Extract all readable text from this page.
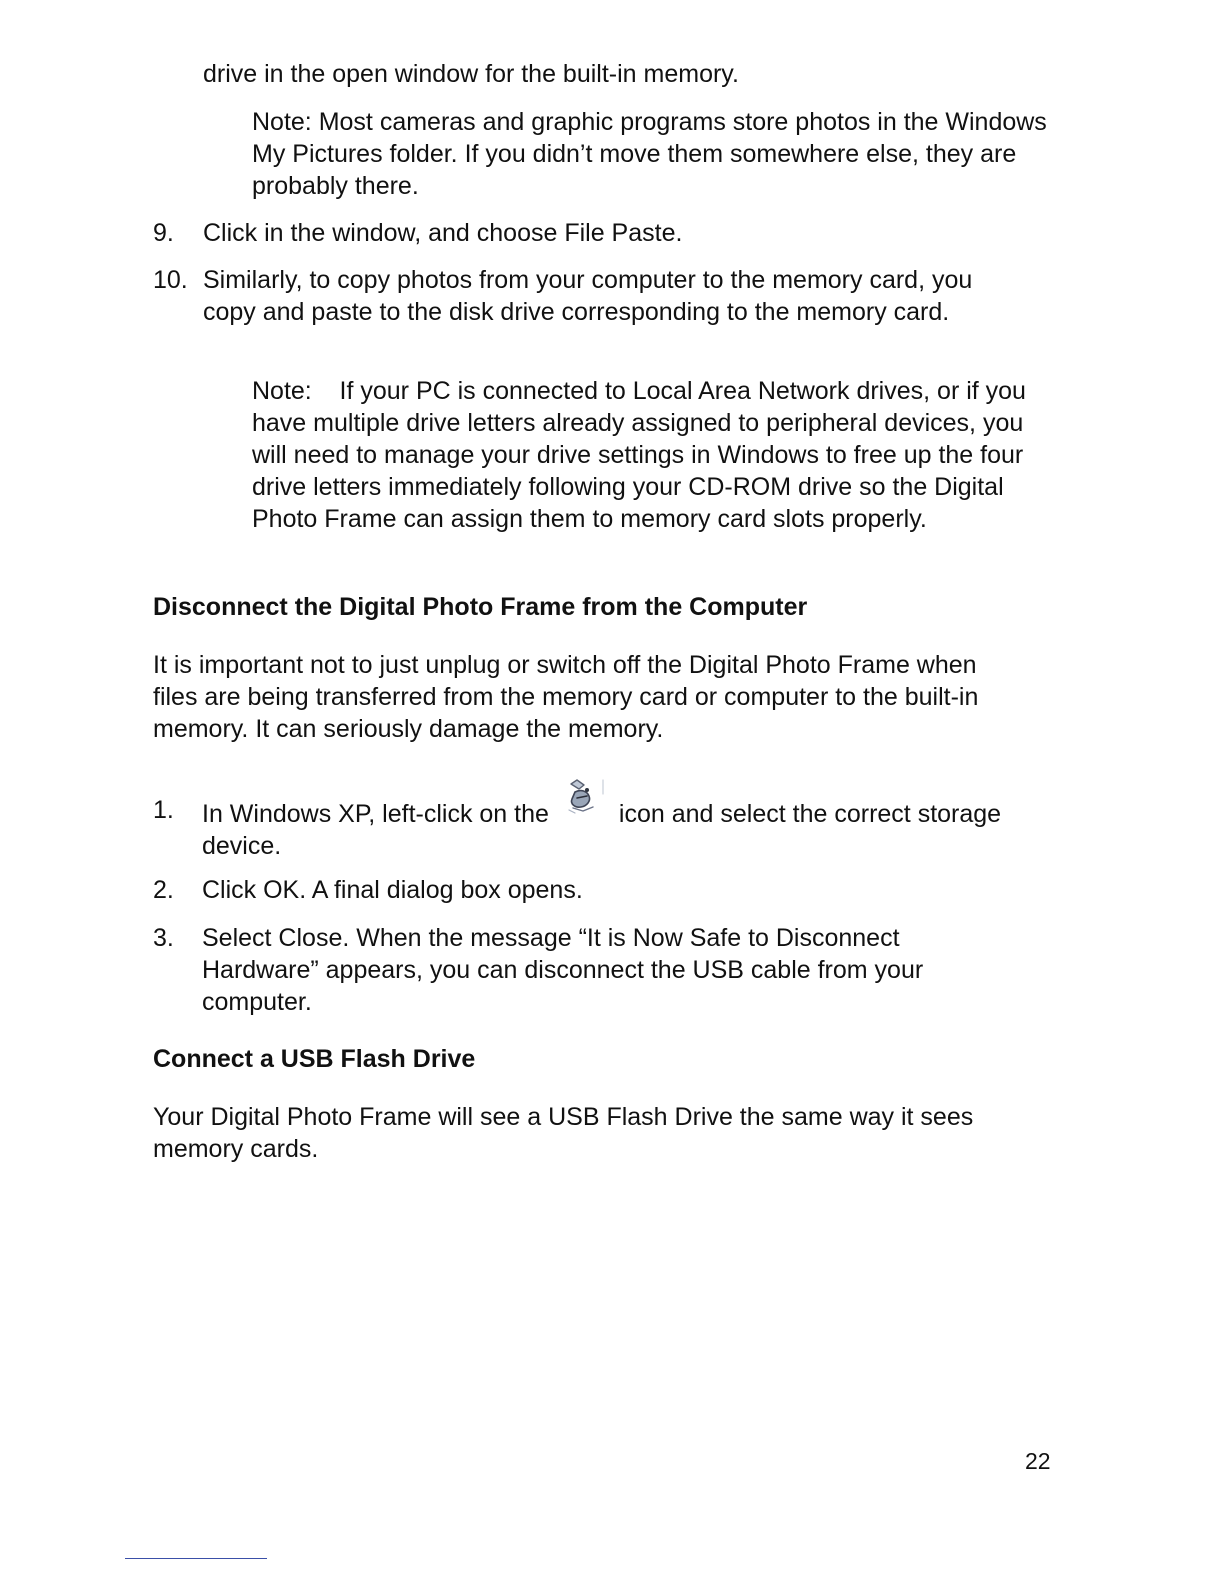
drive in the open window for the built-in memory.

Note: Most cameras and graphic programs store photos in the Windows My Pictures folder. If you didn’t move them somewhere else, they are probably there.

9. Click in the window, and choose File Paste.

10. Similarly, to copy photos from your computer to the memory card, you copy and paste to the disk drive corresponding to the memory card.

Note:    If your PC is connected to Local Area Network drives, or if you have multiple drive letters already assigned to peripheral devices, you will need to manage your drive settings in Windows to free up the four drive letters immediately following your CD-ROM drive so the Digital Photo Frame can assign them to memory card slots properly.

Disconnect the Digital Photo Frame from the Computer

It is important not to just unplug or switch off the Digital Photo Frame when files are being transferred from the memory card or computer to the built-in memory. It can seriously damage the memory.

1. In Windows XP, left-click on the	icon and select the correct storage device.

2. Click OK. A final dialog box opens.

3. Select Close. When the message “It is Now Safe to Disconnect Hardware” appears, you can disconnect the USB cable from your computer.

Connect a USB Flash Drive

Your Digital Photo Frame will see a USB Flash Drive the same way it sees memory cards.

22
